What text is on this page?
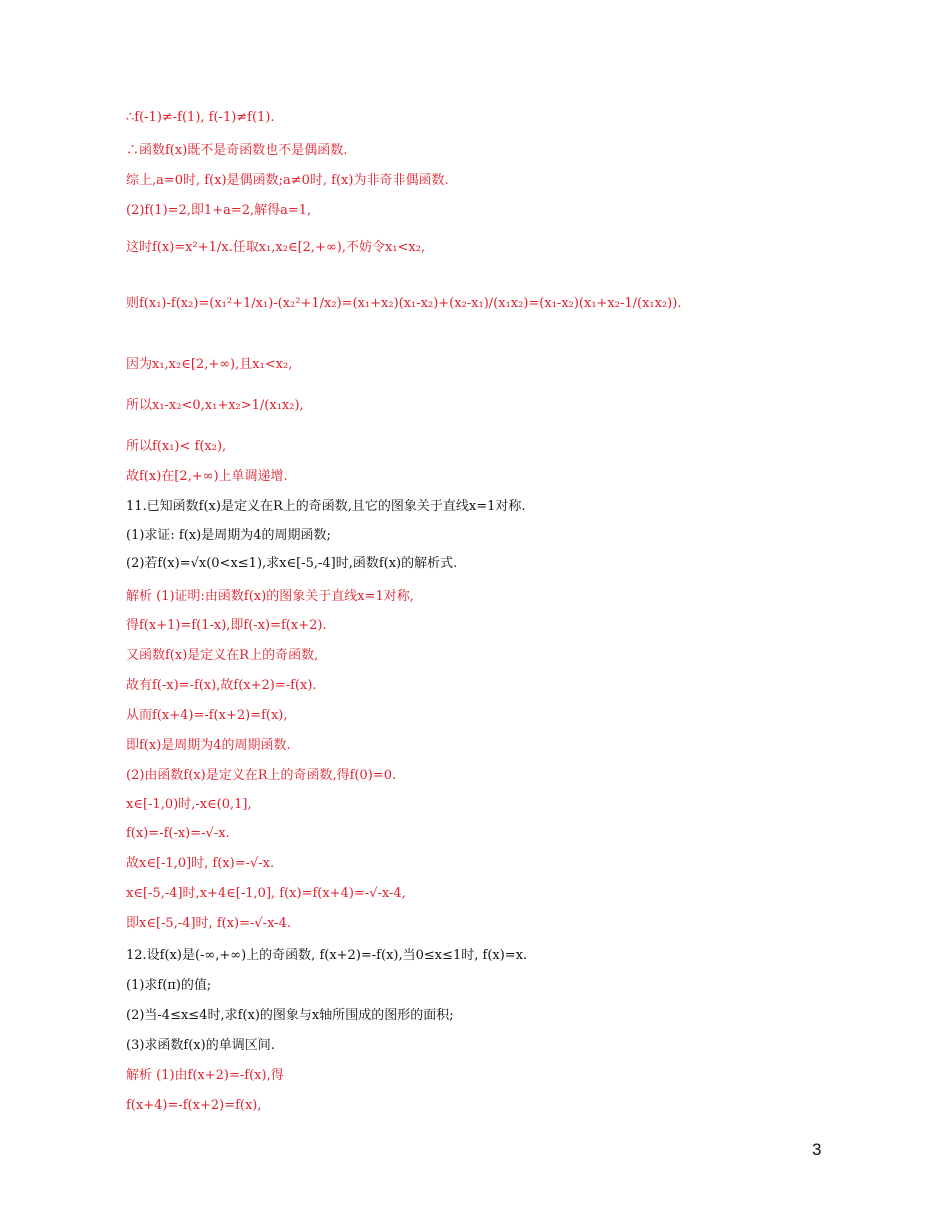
∴f(-1)≠-f(1), f(-1)≠f(1).
∴函数f(x)既不是奇函数也不是偶函数.
综上,a=0时, f(x)是偶函数;a≠0时, f(x)为非奇非偶函数.
(2)f(1)=2,即1+a=2,解得a=1,
这时f(x)=x²+1/x.任取x₁,x₂∈[2,+∞),不妨令x₁<x₂,
则f(x₁)-f(x₂)=(x₁²+1/x₁)-(x₂²+1/x₂)=(x₁+x₂)(x₁-x₂)+(x₂-x₁)/(x₁x₂)=(x₁-x₂)(x₁+x₂-1/(x₁x₂)).
因为x₁,x₂∈[2,+∞),且x₁<x₂,
所以x₁-x₂<0,x₁+x₂>1/(x₁x₂),
所以f(x₁)< f(x₂),
故f(x)在[2,+∞)上单调递增.
11.已知函数f(x)是定义在R上的奇函数,且它的图象关于直线x=1对称.
(1)求证: f(x)是周期为4的周期函数;
(2)若f(x)=√x(0<x≤1),求x∈[-5,-4]时,函数f(x)的解析式.
解析 (1)证明:由函数f(x)的图象关于直线x=1对称,
得f(x+1)=f(1-x),即f(-x)=f(x+2).
又函数f(x)是定义在R上的奇函数,
故有f(-x)=-f(x),故f(x+2)=-f(x).
从而f(x+4)=-f(x+2)=f(x),
即f(x)是周期为4的周期函数.
(2)由函数f(x)是定义在R上的奇函数,得f(0)=0.
x∈[-1,0)时,-x∈(0,1],
f(x)=-f(-x)=-√-x.
故x∈[-1,0]时, f(x)=-√-x.
x∈[-5,-4]时,x+4∈[-1,0], f(x)=f(x+4)=-√-x-4,
即x∈[-5,-4]时, f(x)=-√-x-4.
12.设f(x)是(-∞,+∞)上的奇函数, f(x+2)=-f(x),当0≤x≤1时, f(x)=x.
(1)求f(π)的值;
(2)当-4≤x≤4时,求f(x)的图象与x轴所围成的图形的面积;
(3)求函数f(x)的单调区间.
解析 (1)由f(x+2)=-f(x),得
f(x+4)=-f(x+2)=f(x),
3
